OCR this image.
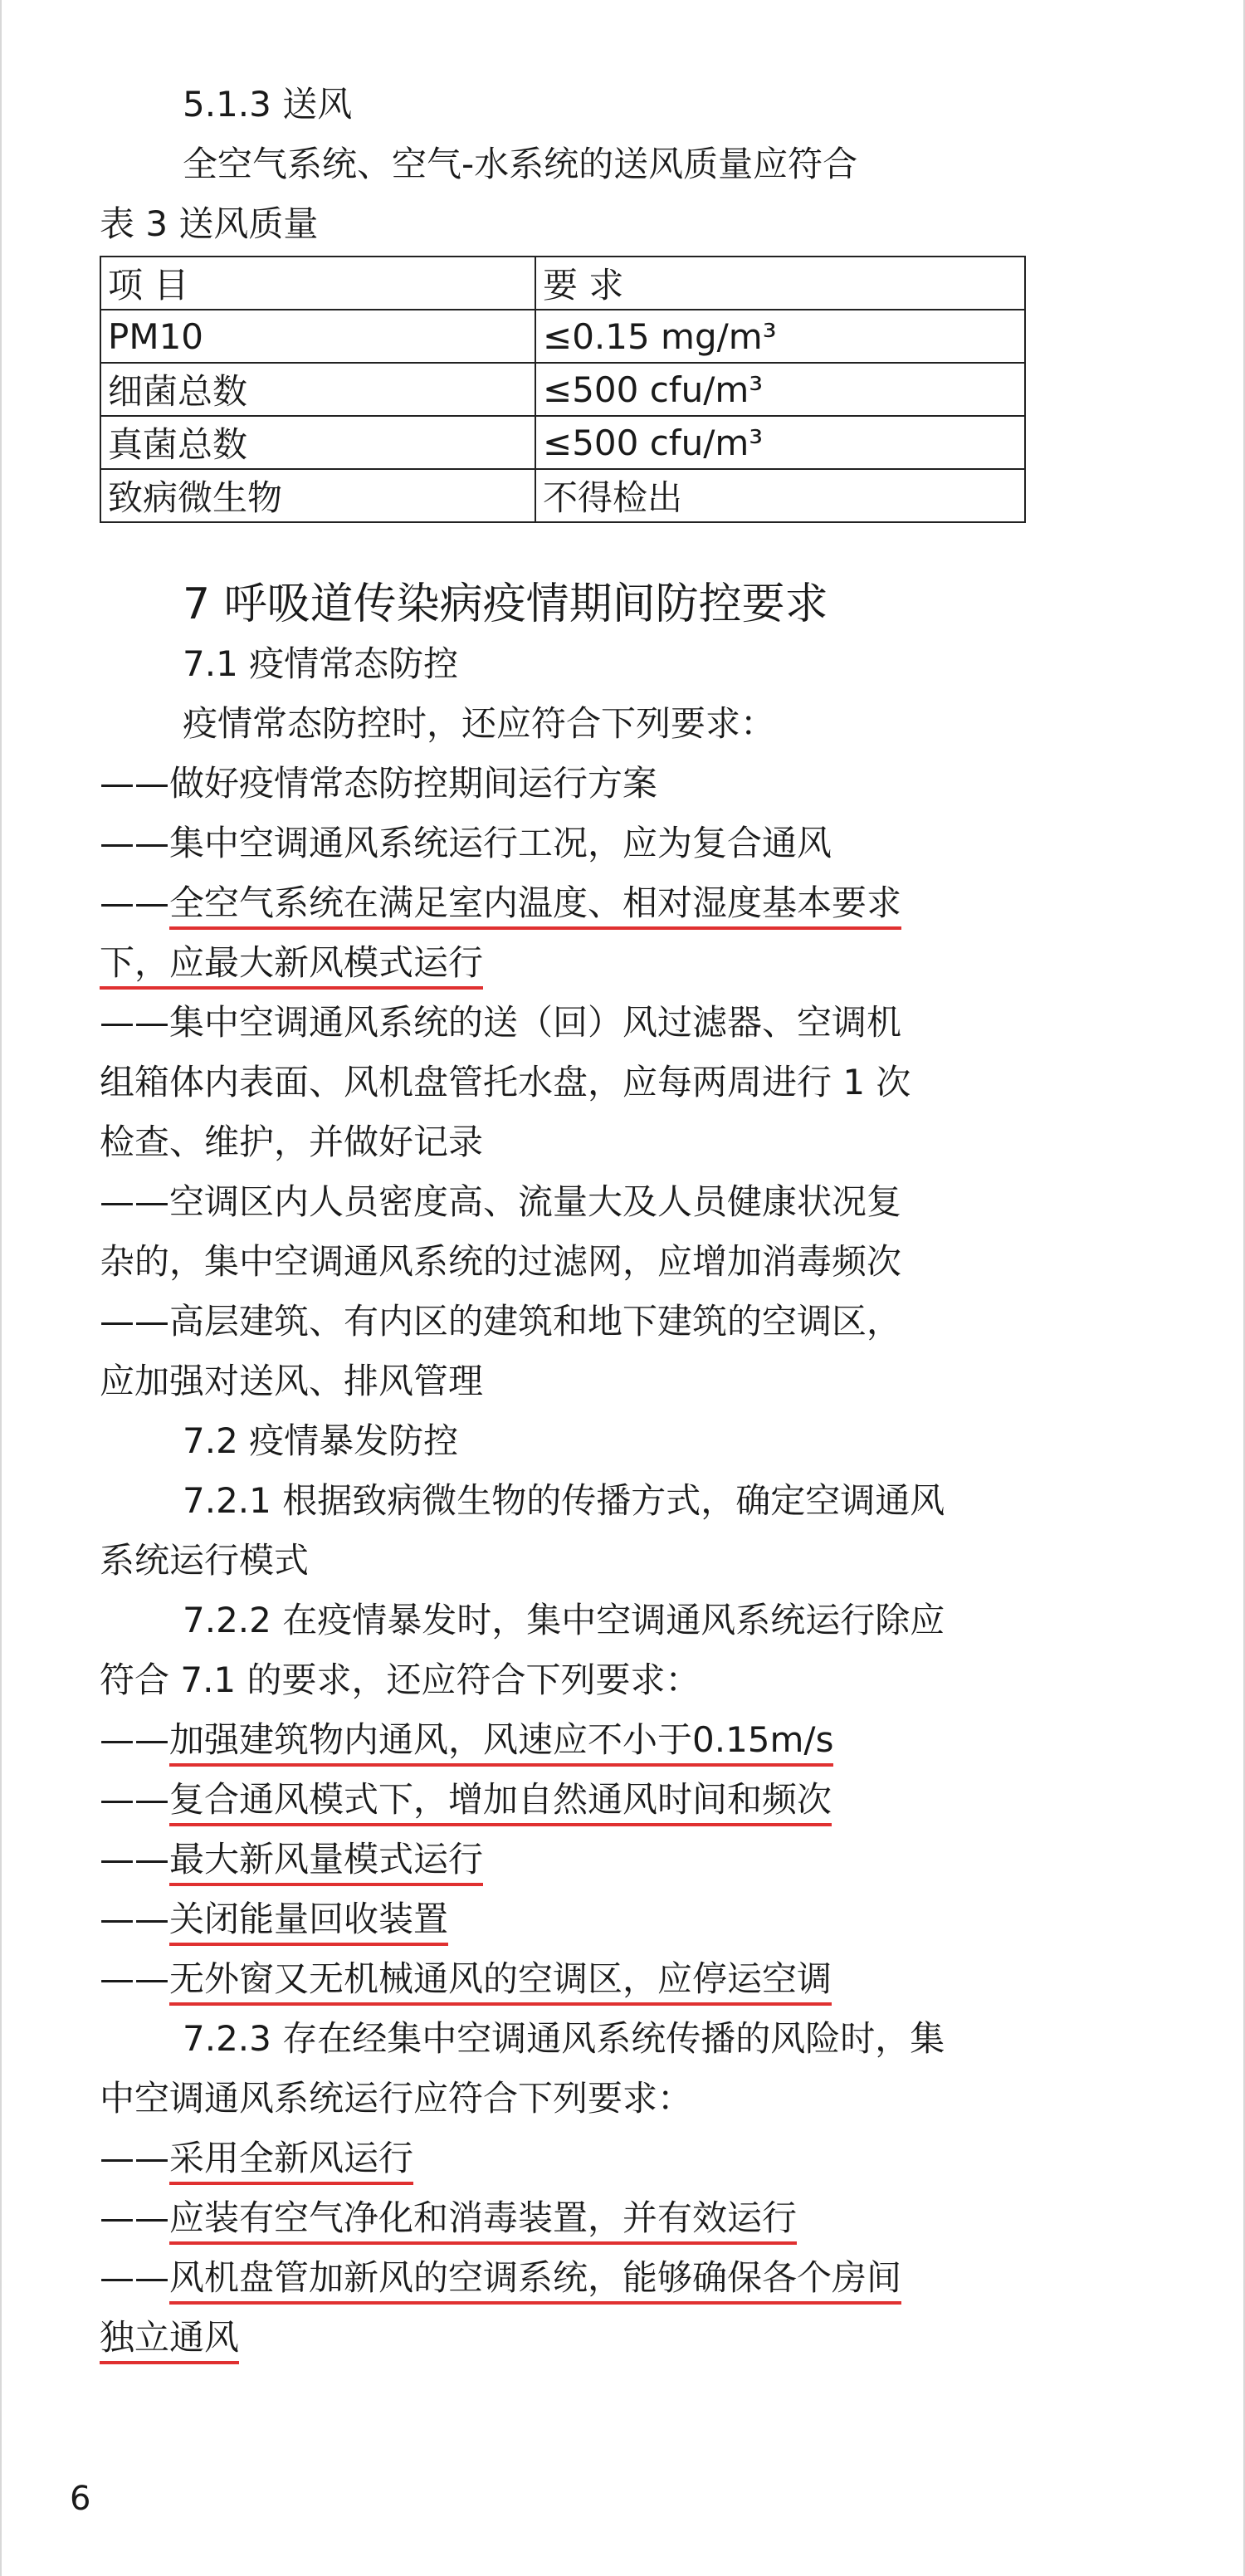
5.1.3 送风
全空气系统、空气-水系统的送风质量应符合
表 3 送风质量
项 目	要 求
PM10	≤0.15 mg/m³
细菌总数	≤500 cfu/m³
真菌总数	≤500 cfu/m³
致病微生物	不得检出
7 呼吸道传染病疫情期间防控要求
7.1 疫情常态防控
疫情常态防控时，还应符合下列要求：
——做好疫情常态防控期间运行方案
——集中空调通风系统运行工况，应为复合通风
——全空气系统在满足室内温度、相对湿度基本要求
下，应最大新风模式运行
——集中空调通风系统的送（回）风过滤器、空调机
组箱体内表面、风机盘管托水盘，应每两周进行 1 次
检查、维护，并做好记录
——空调区内人员密度高、流量大及人员健康状况复
杂的，集中空调通风系统的过滤网，应增加消毒频次
——高层建筑、有内区的建筑和地下建筑的空调区，
应加强对送风、排风管理
7.2 疫情暴发防控
7.2.1 根据致病微生物的传播方式，确定空调通风
系统运行模式
7.2.2 在疫情暴发时，集中空调通风系统运行除应
符合 7.1 的要求，还应符合下列要求：
——加强建筑物内通风，风速应不小于0.15m/s
——复合通风模式下，增加自然通风时间和频次
——最大新风量模式运行
——关闭能量回收装置
——无外窗又无机械通风的空调区，应停运空调
7.2.3 存在经集中空调通风系统传播的风险时，集
中空调通风系统运行应符合下列要求：
——采用全新风运行
——应装有空气净化和消毒装置，并有效运行
——风机盘管加新风的空调系统，能够确保各个房间
独立通风
6
